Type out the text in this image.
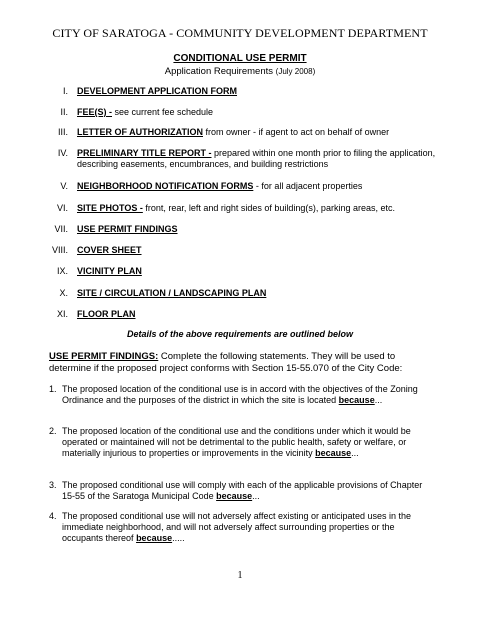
CITY OF SARATOGA - COMMUNITY DEVELOPMENT DEPARTMENT
CONDITIONAL USE PERMIT
Application Requirements (July 2008)
I. DEVELOPMENT APPLICATION FORM
II. FEE(S) - see current fee schedule
III. LETTER OF AUTHORIZATION from owner - if agent to act on behalf of owner
IV. PRELIMINARY TITLE REPORT - prepared within one month prior to filing the application, describing easements, encumbrances, and building restrictions
V. NEIGHBORHOOD NOTIFICATION FORMS - for all adjacent properties
VI. SITE PHOTOS - front, rear, left and right sides of building(s), parking areas, etc.
VII. USE PERMIT FINDINGS
VIII. COVER SHEET
IX. VICINITY PLAN
X. SITE / CIRCULATION / LANDSCAPING PLAN
XI. FLOOR PLAN
Details of the above requirements are outlined below
USE PERMIT FINDINGS: Complete the following statements. They will be used to determine if the proposed project conforms with Section 15-55.070 of the City Code:
1. The proposed location of the conditional use is in accord with the objectives of the Zoning Ordinance and the purposes of the district in which the site is located because...
2. The proposed location of the conditional use and the conditions under which it would be operated or maintained will not be detrimental to the public health, safety or welfare, or materially injurious to properties or improvements in the vicinity because...
3. The proposed conditional use will comply with each of the applicable provisions of Chapter 15-55 of the Saratoga Municipal Code because...
4. The proposed conditional use will not adversely affect existing or anticipated uses in the immediate neighborhood, and will not adversely affect surrounding properties or the occupants thereof because.....
1
